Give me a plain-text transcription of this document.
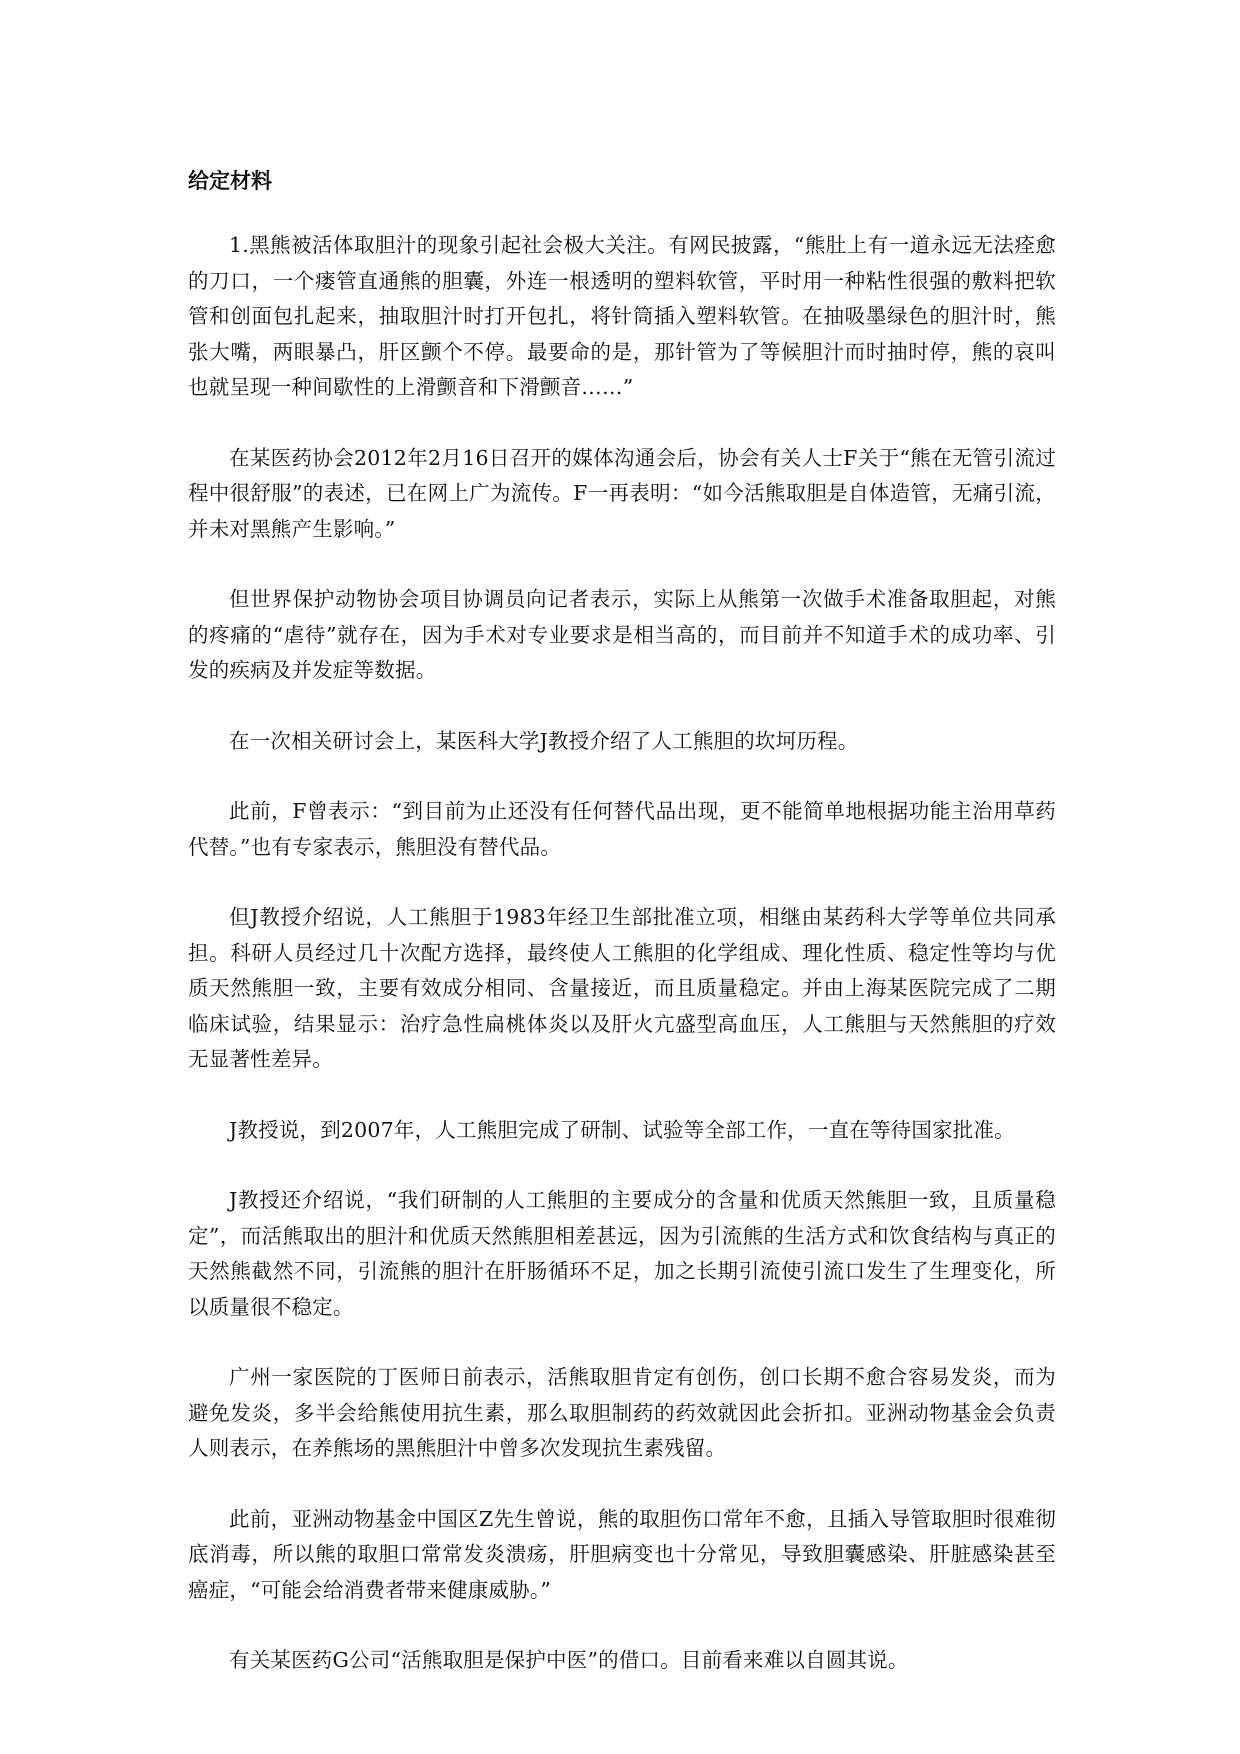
给定材料

1.黑熊被活体取胆汁的现象引起社会极大关注。有网民披露，“熊肚上有一道永远无法痊愈的刀口，一个瘘管直通熊的胆囊，外连一根透明的塑料软管，平时用一种粘性很强的敷料把软管和创面包扎起来，抽取胆汁时打开包扎，将针筒插入塑料软管。在抽吸墨绿色的胆汁时，熊张大嘴，两眼暴凸，肝区颤个不停。最要命的是，那针管为了等候胆汁而时抽时停，熊的哀叫也就呈现一种间歇性的上滑颤音和下滑颤音……”

在某医药协会2012年2月16日召开的媒体沟通会后，协会有关人士F关于“熊在无管引流过程中很舒服”的表述，已在网上广为流传。F一再表明：“如今活熊取胆是自体造管，无痛引流，并未对黑熊产生影响。”

但世界保护动物协会项目协调员向记者表示，实际上从熊第一次做手术准备取胆起，对熊的疼痛的“虐待”就存在，因为手术对专业要求是相当高的，而目前并不知道手术的成功率、引发的疾病及并发症等数据。

在一次相关研讨会上，某医科大学J教授介绍了人工熊胆的坎坷历程。

此前，F曾表示：“到目前为止还没有任何替代品出现，更不能简单地根据功能主治用草药代替。”也有专家表示，熊胆没有替代品。

但J教授介绍说，人工熊胆于1983年经卫生部批准立项，相继由某药科大学等单位共同承担。科研人员经过几十次配方选择，最终使人工熊胆的化学组成、理化性质、稳定性等均与优质天然熊胆一致，主要有效成分相同、含量接近，而且质量稳定。并由上海某医院完成了二期临床试验，结果显示：治疗急性扁桃体炎以及肝火亢盛型高血压，人工熊胆与天然熊胆的疗效无显著性差异。

J教授说，到2007年，人工熊胆完成了研制、试验等全部工作，一直在等待国家批准。

J教授还介绍说，“我们研制的人工熊胆的主要成分的含量和优质天然熊胆一致，且质量稳定”，而活熊取出的胆汁和优质天然熊胆相差甚远，因为引流熊的生活方式和饮食结构与真正的天然熊截然不同，引流熊的胆汁在肝肠循环不足，加之长期引流使引流口发生了生理变化，所以质量很不稳定。

广州一家医院的丁医师日前表示，活熊取胆肯定有创伤，创口长期不愈合容易发炎，而为避免发炎，多半会给熊使用抗生素，那么取胆制药的药效就因此会折扣。亚洲动物基金会负责人则表示，在养熊场的黑熊胆汁中曾多次发现抗生素残留。

此前，亚洲动物基金中国区Z先生曾说，熊的取胆伤口常年不愈，且插入导管取胆时很难彻底消毒，所以熊的取胆口常常发炎溃疡，肝胆病变也十分常见，导致胆囊感染、肝脏感染甚至癌症，“可能会给消费者带来健康威胁。”

有关某医药G公司“活熊取胆是保护中医”的借口。目前看来难以自圆其说。
